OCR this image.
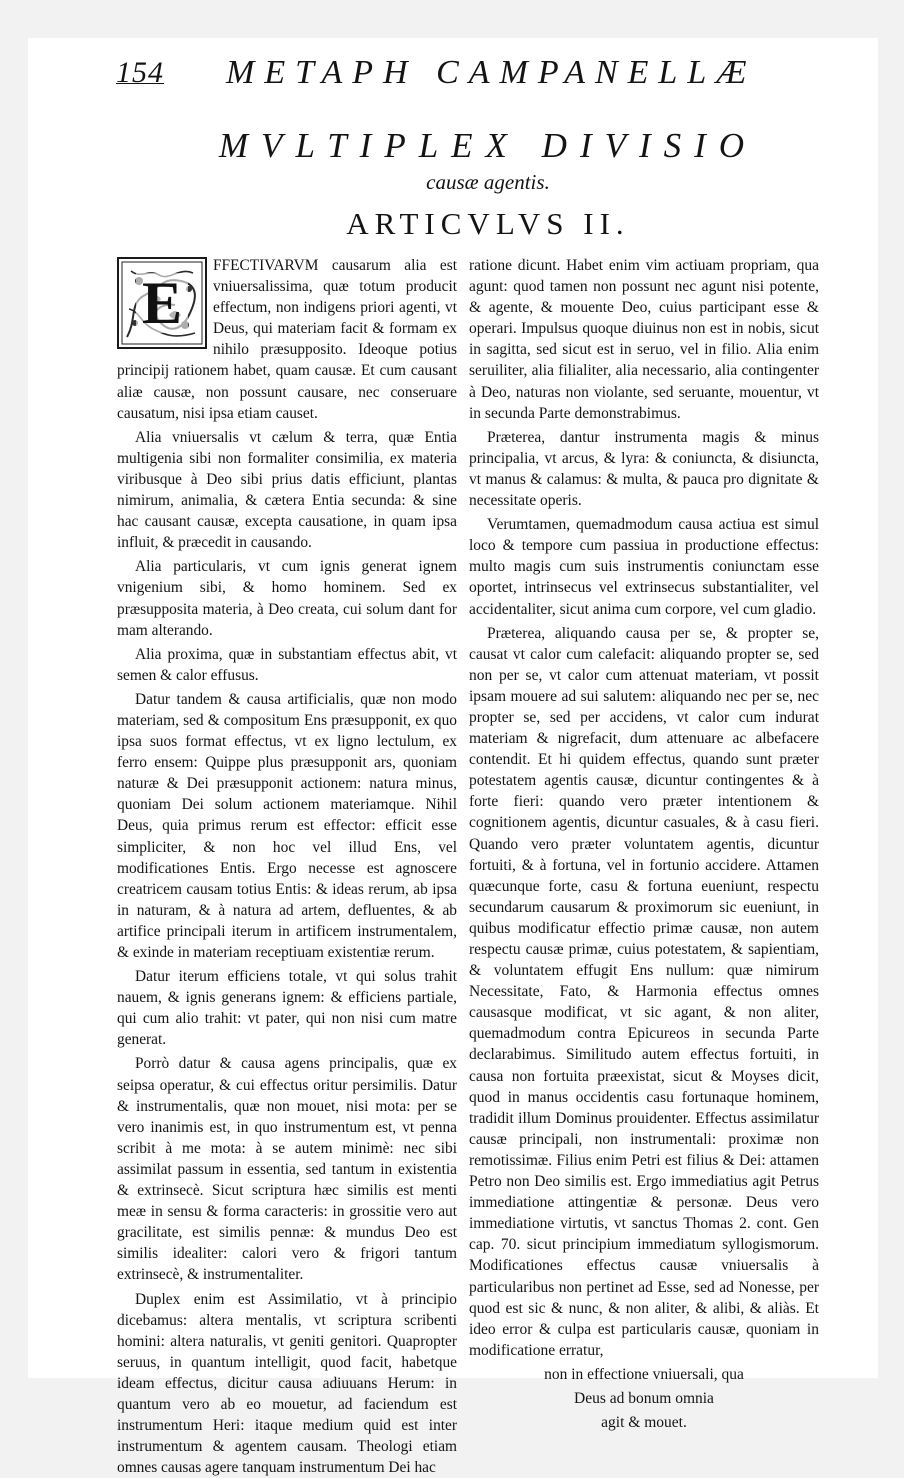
154 METAPH CAMPANELLÆ
MVLTIPLEX DIVISIO
causæ agentis.
ARTICVLVS II.

E
FFECTIVARVM causarum alia est vniuersalissima, quæ totum producit effectum, non indigens priori agenti, vt Deus, qui materiam facit & formam ex nihilo præsupposito. Ideoque potius principij rationem habet, quam causæ. Et cum causant aliæ causæ, non possunt causare, nec conseruare causatum, nisi ipsa etiam causet.

Alia vniuersalis vt cælum & terra, quæ Entia multigenia sibi non formaliter consimilia, ex materia viribusque à Deo sibi prius datis efficiunt, plantas nimirum, animalia, & cætera Entia secunda: & sine hac causant causæ, excepta causatione, in quam ipsa influit, & præcedit in causando.

Alia particularis, vt cum ignis generat ignem vnigenium sibi, & homo hominem. Sed ex præsupposita materia, à Deo creata, cui solum dant for mam alterando.

Alia proxima, quæ in substantiam effectus abit, vt semen & calor effusus.

Datur tandem & causa artificialis, quæ non modo materiam, sed & compositum Ens præsupponit, ex quo ipsa suos format effectus, vt ex ligno lectulum, ex ferro ensem: Quippe plus præsupponit ars, quoniam naturæ & Dei præsupponit actionem: natura minus, quoniam Dei solum actionem materiamque. Nihil Deus, quia primus rerum est effector: efficit esse simpliciter, & non hoc vel illud Ens, vel modificationes Entis. Ergo necesse est agnoscere creatricem causam totius Entis: & ideas rerum, ab ipsa in naturam, & à natura ad artem, defluentes, & ab artifice principali iterum in artificem instrumentalem, & exinde in materiam receptiuam existentiæ rerum.

Datur iterum efficiens totale, vt qui solus trahit nauem, & ignis generans ignem: & efficiens partiale, qui cum alio trahit: vt pater, qui non nisi cum matre generat.

Porrò datur & causa agens principalis, quæ ex seipsa operatur, & cui effectus oritur persimilis. Datur & instrumentalis, quæ non mouet, nisi mota: per se vero inanimis est, in quo instrumentum est, vt penna scribit à me mota: à se autem minimè: nec sibi assimilat passum in essentia, sed tantum in existentia & extrinsecè. Sicut scriptura hæc similis est menti meæ in sensu & forma caracteris: in grossitie vero aut gracilitate, est similis pennæ: & mundus Deo est similis idealiter: calori vero & frigori tantum extrinsecè, & instrumentaliter.

Duplex enim est Assimilatio, vt à principio dicebamus: altera mentalis, vt scriptura scribenti homini: altera naturalis, vt geniti genitori. Quapropter seruus, in quantum intelligit, quod facit, habetque ideam effectus, dicitur causa adiuuans Herum: in quantum vero ab eo mouetur, ad faciendum est instrumentum Heri: itaque medium quid est inter instrumentum & agentem causam. Theologi etiam omnes causas agere tanquam instrumentum Dei hac

ratione dicunt. Habet enim vim actiuam propriam, qua agunt: quod tamen non possunt nec agunt nisi potente, & agente, & mouente Deo, cuius participant esse & operari. Impulsus quoque diuinus non est in nobis, sicut in sagitta, sed sicut est in seruo, vel in filio. Alia enim seruiliter, alia filialiter, alia necessario, alia contingenter à Deo, naturas non violante, sed seruante, mouentur, vt in secunda Parte demonstrabimus.

Præterea, dantur instrumenta magis & minus principalia, vt arcus, & lyra: & coniuncta, & disiuncta, vt manus & calamus: & multa, & pauca pro dignitate & necessitate operis.

Verumtamen, quemadmodum causa actiua est simul loco & tempore cum passiua in productione effectus: multo magis cum suis instrumentis coniunctam esse oportet, intrinsecus vel extrinsecus substantialiter, vel accidentaliter, sicut anima cum corpore, vel cum gladio.

Præterea, aliquando causa per se, & propter se, causat vt calor cum calefacit: aliquando propter se, sed non per se, vt calor cum attenuat materiam, vt possit ipsam mouere ad sui salutem: aliquando nec per se, nec propter se, sed per accidens, vt calor cum indurat materiam & nigrefacit, dum attenuare ac albefacere contendit. Et hi quidem effectus, quando sunt præter potestatem agentis causæ, dicuntur contingentes & à forte fieri: quando vero præter intentionem & cognitionem agentis, dicuntur casuales, & à casu fieri. Quando vero præter voluntatem agentis, dicuntur fortuiti, & à fortuna, vel in fortunio accidere. Attamen quæcunque forte, casu & fortuna eueniunt, respectu secundarum causarum & proximorum sic eueniunt, in quibus modificatur effectio primæ causæ, non autem respectu causæ primæ, cuius potestatem, & sapientiam, & voluntatem effugit Ens nullum: quæ nimirum Necessitate, Fato, & Harmonia effectus omnes causasque modificat, vt sic agant, & non aliter, quemadmodum contra Epicureos in secunda Parte declarabimus. Similitudo autem effectus fortuiti, in causa non fortuita præexistat, sicut & Moyses dicit, quod in manus occidentis casu fortunaque hominem, tradidit illum Dominus prouidenter. Effectus assimilatur causæ principali, non instrumentali: proximæ non remotissimæ. Filius enim Petri est filius & Dei: attamen Petro non Deo similis est. Ergo immediatius agit Petrus immediatione attingentiæ & personæ. Deus vero immediatione virtutis, vt sanctus Thomas 2. cont. Gen cap. 70. sicut principium immediatum syllogismorum. Modificationes effectus causæ vniuersalis à particularibus non pertinet ad Esse, sed ad Nonesse, per quod est sic & nunc, & non aliter, & alibi, & aliàs. Et ideo error & culpa est particularis causæ, quoniam in modificatione erratur,

non in effectione vniuersali, qua

Deus ad bonum omnia

agit & mouet.
